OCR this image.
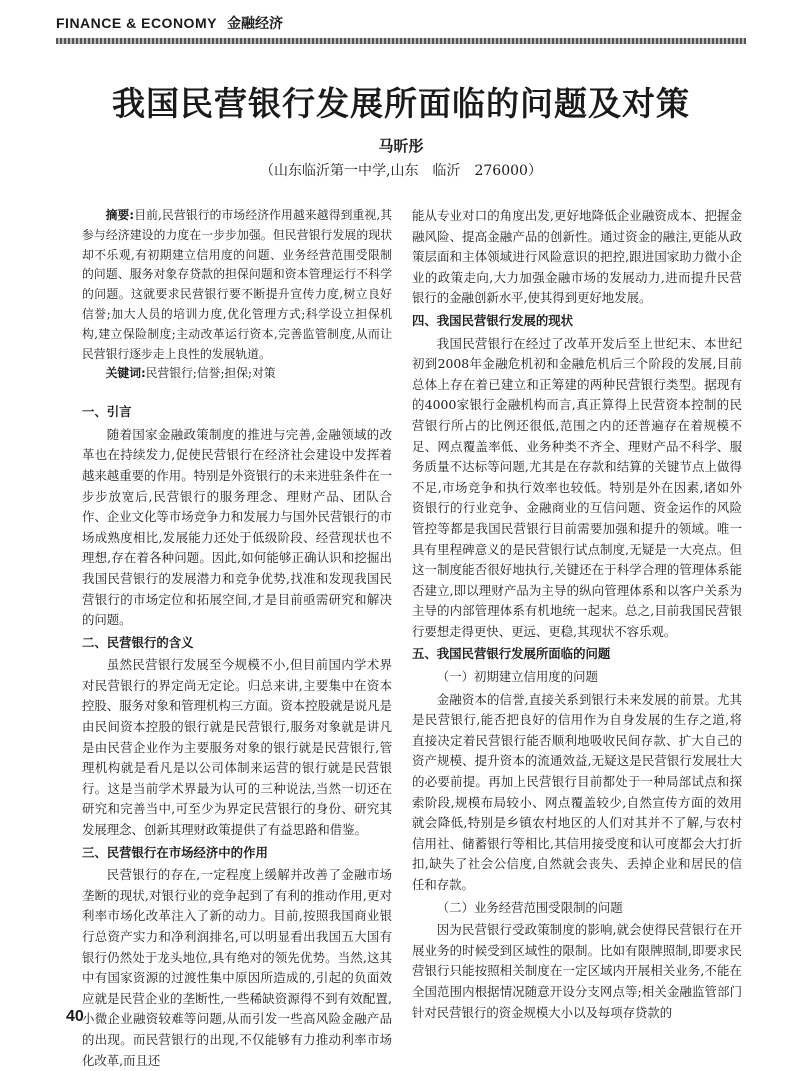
FINANCE & ECONOMY 金融经济
我国民营银行发展所面临的问题及对策
马昕彤
（山东临沂第一中学,山东　临沂　276000）

摘要:目前,民营银行的市场经济作用越来越得到重视,其参与经济建设的力度在一步步加强。但民营银行发展的现状却不乐观,有初期建立信用度的问题、业务经营范围受限制的问题、服务对象存贷款的担保问题和资本管理运行不科学的问题。这就要求民营银行要不断提升宣传力度,树立良好信誉;加大人员的培训力度,优化管理方式;科学设立担保机构,建立保险制度;主动改革运行资本,完善监管制度,从而让民营银行逐步走上良性的发展轨道。

关键词:民营银行;信誉;担保;对策

一、引言

随着国家金融政策制度的推进与完善,金融领域的改革也在持续发力,促使民营银行在经济社会建设中发挥着越来越重要的作用。特别是外资银行的未来进驻条件在一步步放宽后,民营银行的服务理念、理财产品、团队合作、企业文化等市场竞争力和发展力与国外民营银行的市场成熟度相比,发展能力还处于低级阶段、经营现状也不理想,存在着各种问题。因此,如何能够正确认识和挖掘出我国民营银行的发展潜力和竞争优势,找准和发现我国民营银行的市场定位和拓展空间,才是目前亟需研究和解决的问题。

二、民营银行的含义

虽然民营银行发展至今规模不小,但目前国内学术界对民营银行的界定尚无定论。归总来讲,主要集中在资本控股、服务对象和管理机构三方面。资本控股就是说凡是由民间资本控股的银行就是民营银行,服务对象就是讲凡是由民营企业作为主要服务对象的银行就是民营银行,管理机构就是看凡是以公司体制来运营的银行就是民营银行。这是当前学术界最为认可的三种说法,当然一切还在研究和完善当中,可至少为界定民营银行的身份、研究其发展理念、创新其理财政策提供了有益思路和借鉴。

三、民营银行在市场经济中的作用

民营银行的存在,一定程度上缓解并改善了金融市场垄断的现状,对银行业的竞争起到了有利的推动作用,更对利率市场化改革注入了新的动力。目前,按照我国商业银行总资产实力和净利润排名,可以明显看出我国五大国有银行仍然处于龙头地位,具有绝对的领先优势。当然,这其中有国家资源的过渡性集中原因所造成的,引起的负面效应就是民营企业的垄断性,一些稀缺资源得不到有效配置,小微企业融资较难等问题,从而引发一些高风险金融产品的出现。而民营银行的出现,不仅能够有力推动利率市场化改革,而且还

能从专业对口的角度出发,更好地降低企业融资成本、把握金融风险、提高金融产品的创新性。通过资金的融注,更能从政策层面和主体领域进行风险意识的把控,跟进国家助力微小企业的政策走向,大力加强金融市场的发展动力,进而提升民营银行的金融创新水平,使其得到更好地发展。

四、我国民营银行发展的现状

我国民营银行在经过了改革开发后至上世纪末、本世纪初到2008年金融危机初和金融危机后三个阶段的发展,目前总体上存在着已建立和正筹建的两种民营银行类型。据现有的4000家银行金融机构而言,真正算得上民营资本控制的民营银行所占的比例还很低,范围之内的还普遍存在着规模不足、网点覆盖率低、业务种类不齐全、理财产品不科学、服务质量不达标等问题,尤其是在存款和结算的关键节点上做得不足,市场竞争和执行效率也较低。特别是外在因素,诸如外资银行的行业竞争、金融商业的互信问题、资金运作的风险管控等都是我国民营银行目前需要加强和提升的领域。唯一具有里程碑意义的是民营银行试点制度,无疑是一大亮点。但这一制度能否很好地执行,关键还在于科学合理的管理体系能否建立,即以理财产品为主导的纵向管理体系和以客户关系为主导的内部管理体系有机地统一起来。总之,目前我国民营银行要想走得更快、更远、更稳,其现状不容乐观。

五、我国民营银行发展所面临的问题
（一）初期建立信用度的问题

金融资本的信誉,直接关系到银行未来发展的前景。尤其是民营银行,能否把良好的信用作为自身发展的生存之道,将直接决定着民营银行能否顺利地吸收民间存款、扩大自己的资产规模、提升资本的流通效益,无疑这是民营银行发展壮大的必要前提。再加上民营银行目前都处于一种局部试点和探索阶段,规模布局较小、网点覆盖较少,自然宣传方面的效用就会降低,特别是乡镇农村地区的人们对其并不了解,与农村信用社、储蓄银行等相比,其信用接受度和认可度都会大打折扣,缺失了社会公信度,自然就会丧失、丢掉企业和居民的信任和存款。

（二）业务经营范围受限制的问题

因为民营银行受政策制度的影响,就会使得民营银行在开展业务的时候受到区域性的限制。比如有限牌照制,即要求民营银行只能按照相关制度在一定区域内开展相关业务,不能在全国范围内根据情况随意开设分支网点等;相关金融监管部门针对民营银行的资金规模大小以及每项存贷款的

40
